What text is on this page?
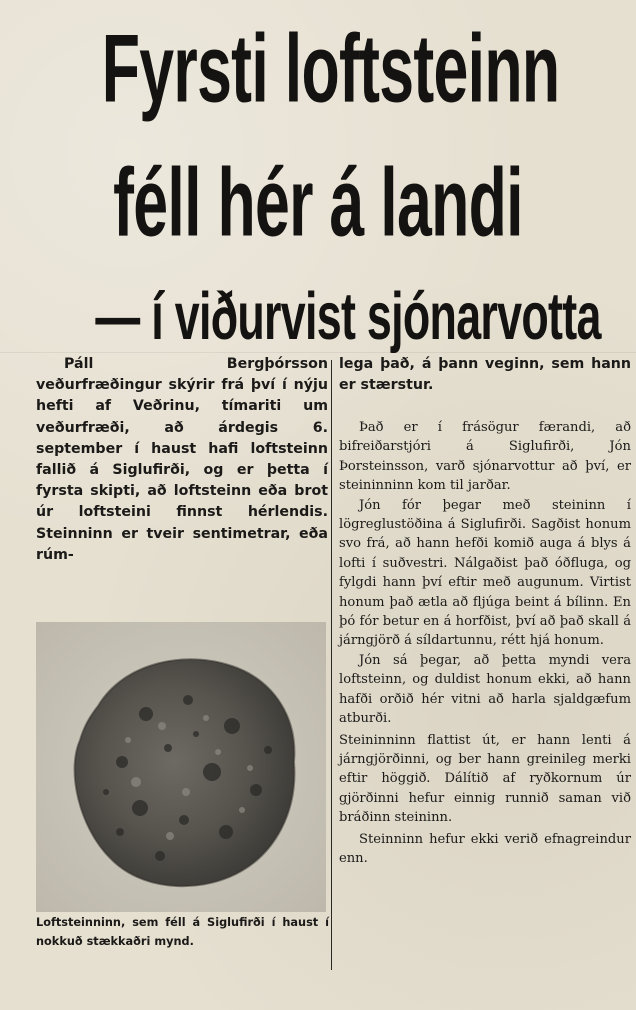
Fyrsti loftsteinn
féll hér á landi
— í viðurvist sjónarvotta
Páll Bergþórsson veðurfræðingur skýrir frá því í nýju hefti af Veðrinu, tímariti um veðurfræði, að árdegis 6. september í haust hafi loftsteinn fallið á Siglufirði, og er þetta í fyrsta skipti, að loftsteinn eða brot úr loftsteini finnst hérlendis. Steinninn er tveir sentimetrar, eða rúm-
lega það, á þann veginn, sem hann er stærstur.

Það er í frásögur færandi, að bifreiðarstjóri á Siglufirði, Jón Þorsteinsson, varð sjónarvottur að því, er steininninn kom til jarðar.

Jón fór þegar með steininn í lögreglustöðina á Siglufirði. Sagðist honum svo frá, að hann hefði komið auga á blys á lofti í suðvestri. Nálgaðist það óðfluga, og fylgdi hann því eftir með augunum. Virtist honum það ætla að fljúga beint á bílinn. En þó fór betur en á horfðist, því að það skall á járngjörð á síldartunnu, rétt hjá honum.

Jón sá þegar, að þetta myndi vera loftsteinn, og duldist honum ekki, að hann hafði orðið hér vitni að harla sjaldgæfum atburði.

Steininninn flattist út, er hann lenti á járngjörðinni, og ber hann greinileg merki eftir höggið. Dálítið af ryðkornum úr gjörðinni hefur einnig runnið saman við bráðinn steininn.

Steinninn hefur ekki verið efnagreindur enn.

Loftsteinninn, sem féll á Siglufirði í haust í nokkuð stækkaðri mynd.
